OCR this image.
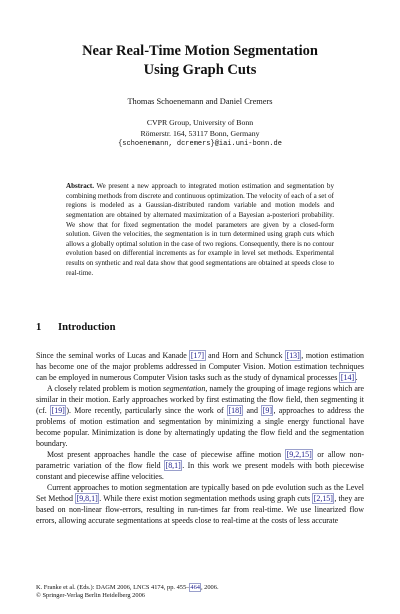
Near Real-Time Motion Segmentation
Using Graph Cuts
Thomas Schoenemann and Daniel Cremers
CVPR Group, University of Bonn
Römerstr. 164, 53117 Bonn, Germany
{schoenemann, dcremers}@iai.uni-bonn.de
Abstract. We present a new approach to integrated motion estimation and segmentation by combining methods from discrete and continuous optimization. The velocity of each of a set of regions is modeled as a Gaussian-distributed random variable and motion models and segmentation are obtained by alternated maximization of a Bayesian a-posteriori probability. We show that for fixed segmentation the model parameters are given by a closed-form solution. Given the velocities, the segmentation is in turn determined using graph cuts which allows a globally optimal solution in the case of two regions. Consequently, there is no contour evolution based on differential increments as for example in level set methods. Experimental results on synthetic and real data show that good segmentations are obtained at speeds close to real-time.
1 Introduction

Since the seminal works of Lucas and Kanade [17] and Horn and Schunck [13] , motion estimation has become one of the major problems addressed in Computer Vision. Motion estimation techniques can be employed in numerous Computer Vision tasks such as the study of dynamical processes [14] .

A closely related problem is motion segmentation, namely the grouping of image regions which are similar in their motion. Early approaches worked by first estimating the flow field, then segmenting it (cf. [19] ). More recently, particularly since the work of [18] and [9] , approaches to address the problems of motion estimation and segmentation by minimizing a single energy functional have become popular. Minimization is done by alternatingly updating the flow field and the segmentation boundary.

Most present approaches handle the case of piecewise affine motion [9,2,15] or allow non-parametric variation of the flow field [8,1] . In this work we present models with both piecewise constant and piecewise affine velocities.

Current approaches to motion segmentation are typically based on pde evolution such as the Level Set Method [9,8,1] . While there exist motion segmentation methods using graph cuts [2,15] , they are based on non-linear flow-errors, resulting in run-times far from real-time. We use linearized flow errors, allowing accurate segmentations at speeds close to real-time at the costs of less accurate

K. Franke et al. (Eds.): DAGM 2006, LNCS 4174, pp. 455–464, 2006.
© Springer-Verlag Berlin Heidelberg 2006
